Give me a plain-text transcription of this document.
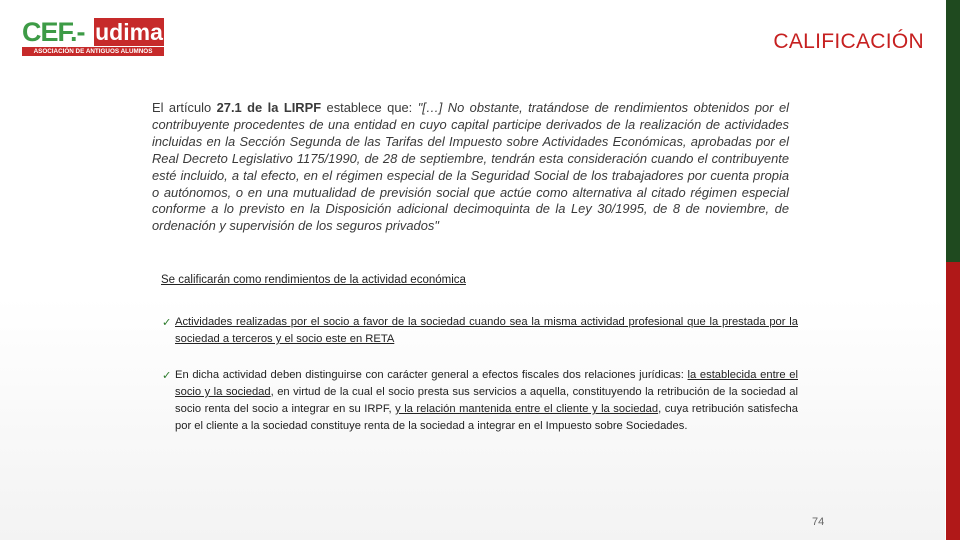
CEF.- udima
ASOCIACIÓN DE ANTIGUOS ALUMNOS	CALIFICACIÓN
El artículo 27.1 de la LIRPF establece que: "[…] No obstante, tratándose de rendimientos obtenidos por el contribuyente procedentes de una entidad en cuyo capital participe derivados de la realización de actividades incluidas en la Sección Segunda de las Tarifas del Impuesto sobre Actividades Económicas, aprobadas por el Real Decreto Legislativo 1175/1990, de 28 de septiembre, tendrán esta consideración cuando el contribuyente esté incluido, a tal efecto, en el régimen especial de la Seguridad Social de los trabajadores por cuenta propia o autónomos, o en una mutualidad de previsión social que actúe como alternativa al citado régimen especial conforme a lo previsto en la Disposición adicional decimoquinta de la Ley 30/1995, de 8 de noviembre, de ordenación y supervisión de los seguros privados"
Se calificarán como rendimientos de la actividad económica
✓ Actividades realizadas por el socio a favor de la sociedad cuando sea la misma actividad profesional que la prestada por la sociedad a terceros y el socio este en RETA
✓ En dicha actividad deben distinguirse con carácter general a efectos fiscales dos relaciones jurídicas: la establecida entre el socio y la sociedad, en virtud de la cual el socio presta sus servicios a aquella, constituyendo la retribución de la sociedad al socio renta del socio a integrar en su IRPF, y la relación mantenida entre el cliente y la sociedad, cuya retribución satisfecha por el cliente a la sociedad constituye renta de la sociedad a integrar en el Impuesto sobre Sociedades.
74
